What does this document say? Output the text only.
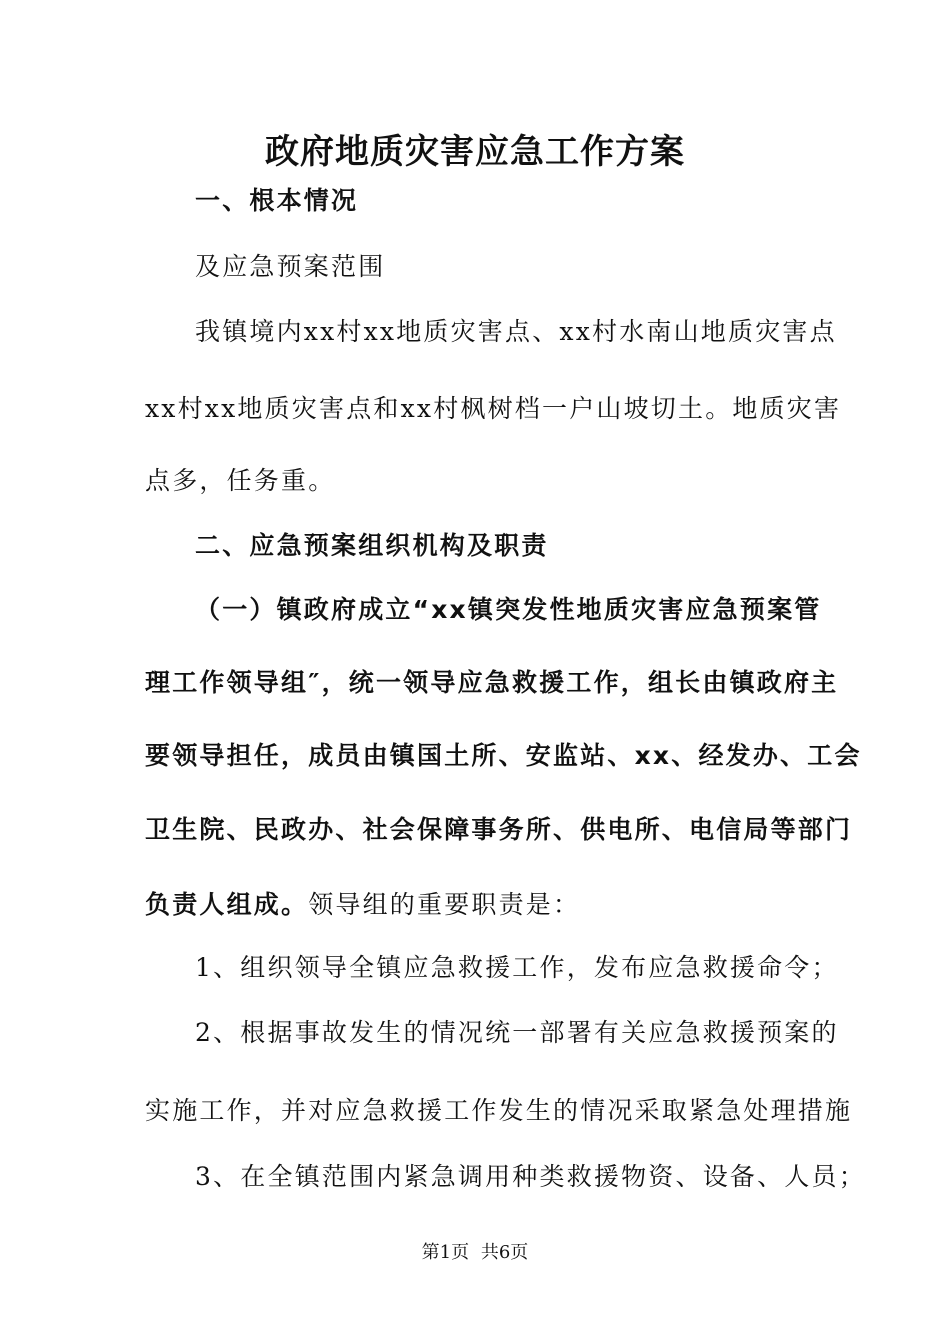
政府地质灾害应急工作方案
一、根本情况
及应急预案范围
我镇境内xx村xx地质灾害点、xx村水南山地质灾害点
xx村xx地质灾害点和xx村枫树档一户山坡切土。地质灾害
点多，任务重。
二、应急预案组织机构及职责
（一）镇政府成立“xx镇突发性地质灾害应急预案管
理工作领导组″，统一领导应急救援工作，组长由镇政府主
要领导担任，成员由镇国土所、安监站、xx、经发办、工会
卫生院、民政办、社会保障事务所、供电所、电信局等部门
负责人组成。领导组的重要职责是：
1、组织领导全镇应急救援工作，发布应急救援命令；
2、根据事故发生的情况统一部署有关应急救援预案的
实施工作，并对应急救援工作发生的情况采取紧急处理措施
3、在全镇范围内紧急调用种类救援物资、设备、人员；
第1页 共6页
